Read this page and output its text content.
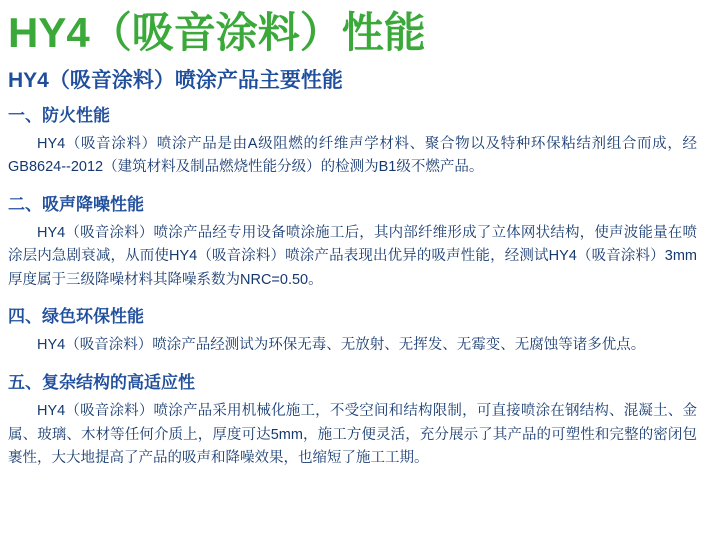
HY4（吸音涂料）性能
HY4（吸音涂料）喷涂产品主要性能
一、防火性能

HY4（吸音涂料）喷涂产品是由A级阻燃的纤维声学材料、聚合物以及特种环保粘结剂组合而成，经GB8624--2012（建筑材料及制品燃烧性能分级）的检测为B1级不燃产品。

二、吸声降噪性能

HY4（吸音涂料）喷涂产品经专用设备喷涂施工后，其内部纤维形成了立体网状结构，使声波能量在喷涂层内急剧衰减，从而使HY4（吸音涂料）喷涂产品表现出优异的吸声性能，经测试HY4（吸音涂料）3mm厚度属于三级降噪材料其降噪系数为NRC=0.50。

四、绿色环保性能

HY4（吸音涂料）喷涂产品经测试为环保无毒、无放射、无挥发、无霉变、无腐蚀等诸多优点。

五、复杂结构的高适应性

HY4（吸音涂料）喷涂产品采用机械化施工，不受空间和结构限制，可直接喷涂在钢结构、混凝土、金属、玻璃、木材等任何介质上，厚度可达5mm，施工方便灵活，充分展示了其产品的可塑性和完整的密闭包裹性，大大地提高了产品的吸声和降噪效果，也缩短了施工工期。
